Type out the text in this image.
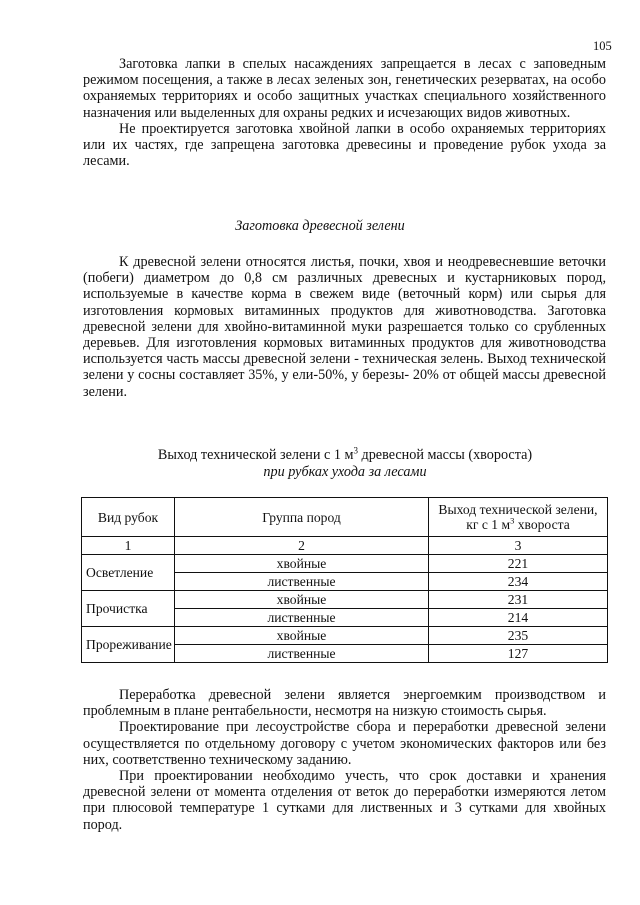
105

Заготовка лапки в спелых насаждениях запрещается в лесах с заповедным режимом посещения, а также в лесах зеленых зон, генетических резерватах, на особо охраняемых территориях и особо защитных участках специального хозяйственного назначения или выделенных для охраны редких и исчезающих видов животных.

Не проектируется заготовка хвойной лапки в особо охраняемых территориях или их частях, где запрещена заготовка древесины и проведение рубок ухода за лесами.

Заготовка древесной зелени

К древесной зелени относятся листья, почки, хвоя и неодревесневшие веточки (побеги) диаметром до 0,8 см различных древесных и кустарниковых пород, используемые в качестве корма в свежем виде (веточный корм) или сырья для изготовления кормовых витаминных продуктов для животноводства. Заготовка древесной зелени для хвойно-витаминной муки разрешается только со срубленных деревьев. Для изготовления кормовых витаминных продуктов для животноводства используется часть массы древесной зелени - техническая зелень. Выход технической зелени у сосны составляет 35%, у ели-50%, у березы- 20% от общей массы древесной зелени.

Выход технической зелени с 1 $м^3$ древесной массы (хвороста)
при рубках ухода за лесами
Вид рубок	Группа пород	Выход технической зелени, кг с 1 $м^3$ хвороста
1	2	3
Осветление	хвойные	221
	лиственные	234
Прочистка	хвойные	231
	лиственные	214
Прореживание	хвойные	235
	лиственные	127

Переработка древесной зелени является энергоемким производством и проблемным в плане рентабельности, несмотря на низкую стоимость сырья.

Проектирование при лесоустройстве сбора и переработки древесной зелени осуществляется по отдельному договору с учетом экономических факторов или без них, соответственно техническому заданию.

При проектировании необходимо учесть, что срок доставки и хранения древесной зелени от момента отделения от веток до переработки измеряются летом при плюсовой температуре 1 сутками для лиственных и 3 сутками для хвойных пород.
